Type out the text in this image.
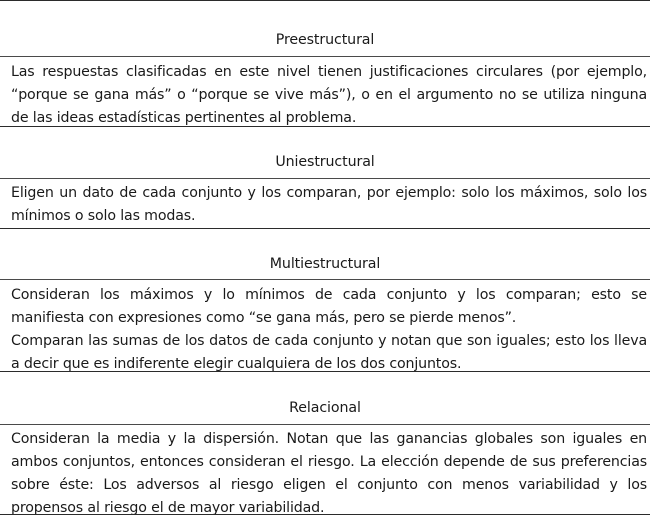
Preestructural

Las respuestas clasificadas en este nivel tienen justificaciones circulares (por ejemplo, “porque se gana más” o “porque se vive más”), o en el argumento no se utiliza ninguna de las ideas estadísticas pertinentes al problema.

Uniestructural

Eligen un dato de cada conjunto y los comparan, por ejemplo: solo los máximos, solo los mínimos o solo las modas.

Multiestructural

Consideran los máximos y lo mínimos de cada conjunto y los comparan; esto se manifiesta con expresiones como “se gana más, pero se pierde menos”.

Comparan las sumas de los datos de cada conjunto y notan que son iguales; esto los lleva a decir que es indiferente elegir cualquiera de los dos conjuntos.

Relacional

Consideran la media y la dispersión. Notan que las ganancias globales son iguales en ambos conjuntos, entonces consideran el riesgo. La elección depende de sus preferencias sobre éste: Los adversos al riesgo eligen el conjunto con menos variabilidad y los propensos al riesgo el de mayor variabilidad.
